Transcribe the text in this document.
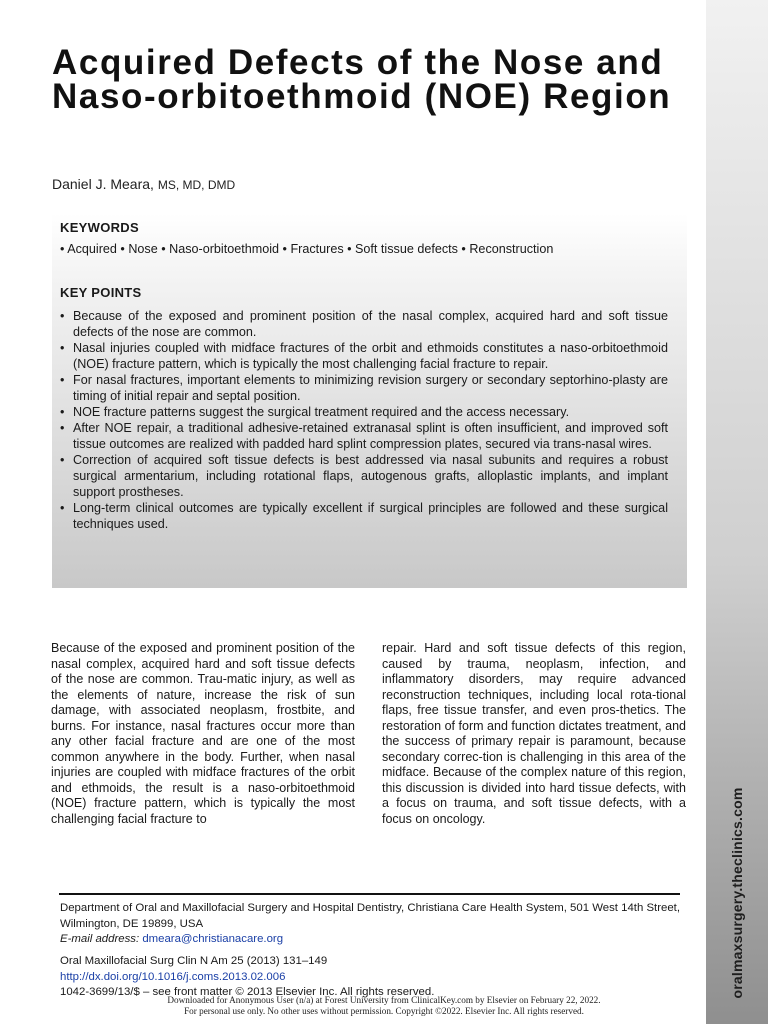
oralmaxsurgery.theclinics.com
Acquired Defects of the Nose and Naso-orbitoethmoid (NOE) Region
Daniel J. Meara, MS, MD, DMD
KEYWORDS
• Acquired • Nose • Naso-orbitoethmoid • Fractures • Soft tissue defects • Reconstruction
KEY POINTS
• Because of the exposed and prominent position of the nasal complex, acquired hard and soft tissue defects of the nose are common.
• Nasal injuries coupled with midface fractures of the orbit and ethmoids constitutes a naso-orbitoethmoid (NOE) fracture pattern, which is typically the most challenging facial fracture to repair.
• For nasal fractures, important elements to minimizing revision surgery or secondary septorhino-plasty are timing of initial repair and septal position.
• NOE fracture patterns suggest the surgical treatment required and the access necessary.
• After NOE repair, a traditional adhesive-retained extranasal splint is often insufficient, and improved soft tissue outcomes are realized with padded hard splint compression plates, secured via trans-nasal wires.
• Correction of acquired soft tissue defects is best addressed via nasal subunits and requires a robust surgical armentarium, including rotational flaps, autogenous grafts, alloplastic implants, and implant support prostheses.
• Long-term clinical outcomes are typically excellent if surgical principles are followed and these surgical techniques used.

Because of the exposed and prominent position of the nasal complex, acquired hard and soft tissue defects of the nose are common. Trau-matic injury, as well as the elements of nature, increase the risk of sun damage, with associated neoplasm, frostbite, and burns. For instance, nasal fractures occur more than any other facial fracture and are one of the most common anywhere in the body. Further, when nasal injuries are coupled with midface fractures of the orbit and ethmoids, the result is a naso-orbitoethmoid (NOE) fracture pattern, which is typically the most challenging facial fracture to

repair. Hard and soft tissue defects of this region, caused by trauma, neoplasm, infection, and inflammatory disorders, may require advanced reconstruction techniques, including local rota-tional flaps, free tissue transfer, and even pros-thetics. The restoration of form and function dictates treatment, and the success of primary repair is paramount, because secondary correc-tion is challenging in this area of the midface. Because of the complex nature of this region, this discussion is divided into hard tissue defects, with a focus on trauma, and soft tissue defects, with a focus on oncology.

Department of Oral and Maxillofacial Surgery and Hospital Dentistry, Christiana Care Health System, 501 West 14th Street, Wilmington, DE 19899, USA
E-mail address: dmeara@christianacare.org

Oral Maxillofacial Surg Clin N Am 25 (2013) 131–149
http://dx.doi.org/10.1016/j.coms.2013.02.006
1042-3699/13/$ – see front matter © 2013 Elsevier Inc. All rights reserved.

Downloaded for Anonymous User (n/a) at Forest University from ClinicalKey.com by Elsevier on February 22, 2022.
For personal use only. No other uses without permission. Copyright ©2022. Elsevier Inc. All rights reserved.
